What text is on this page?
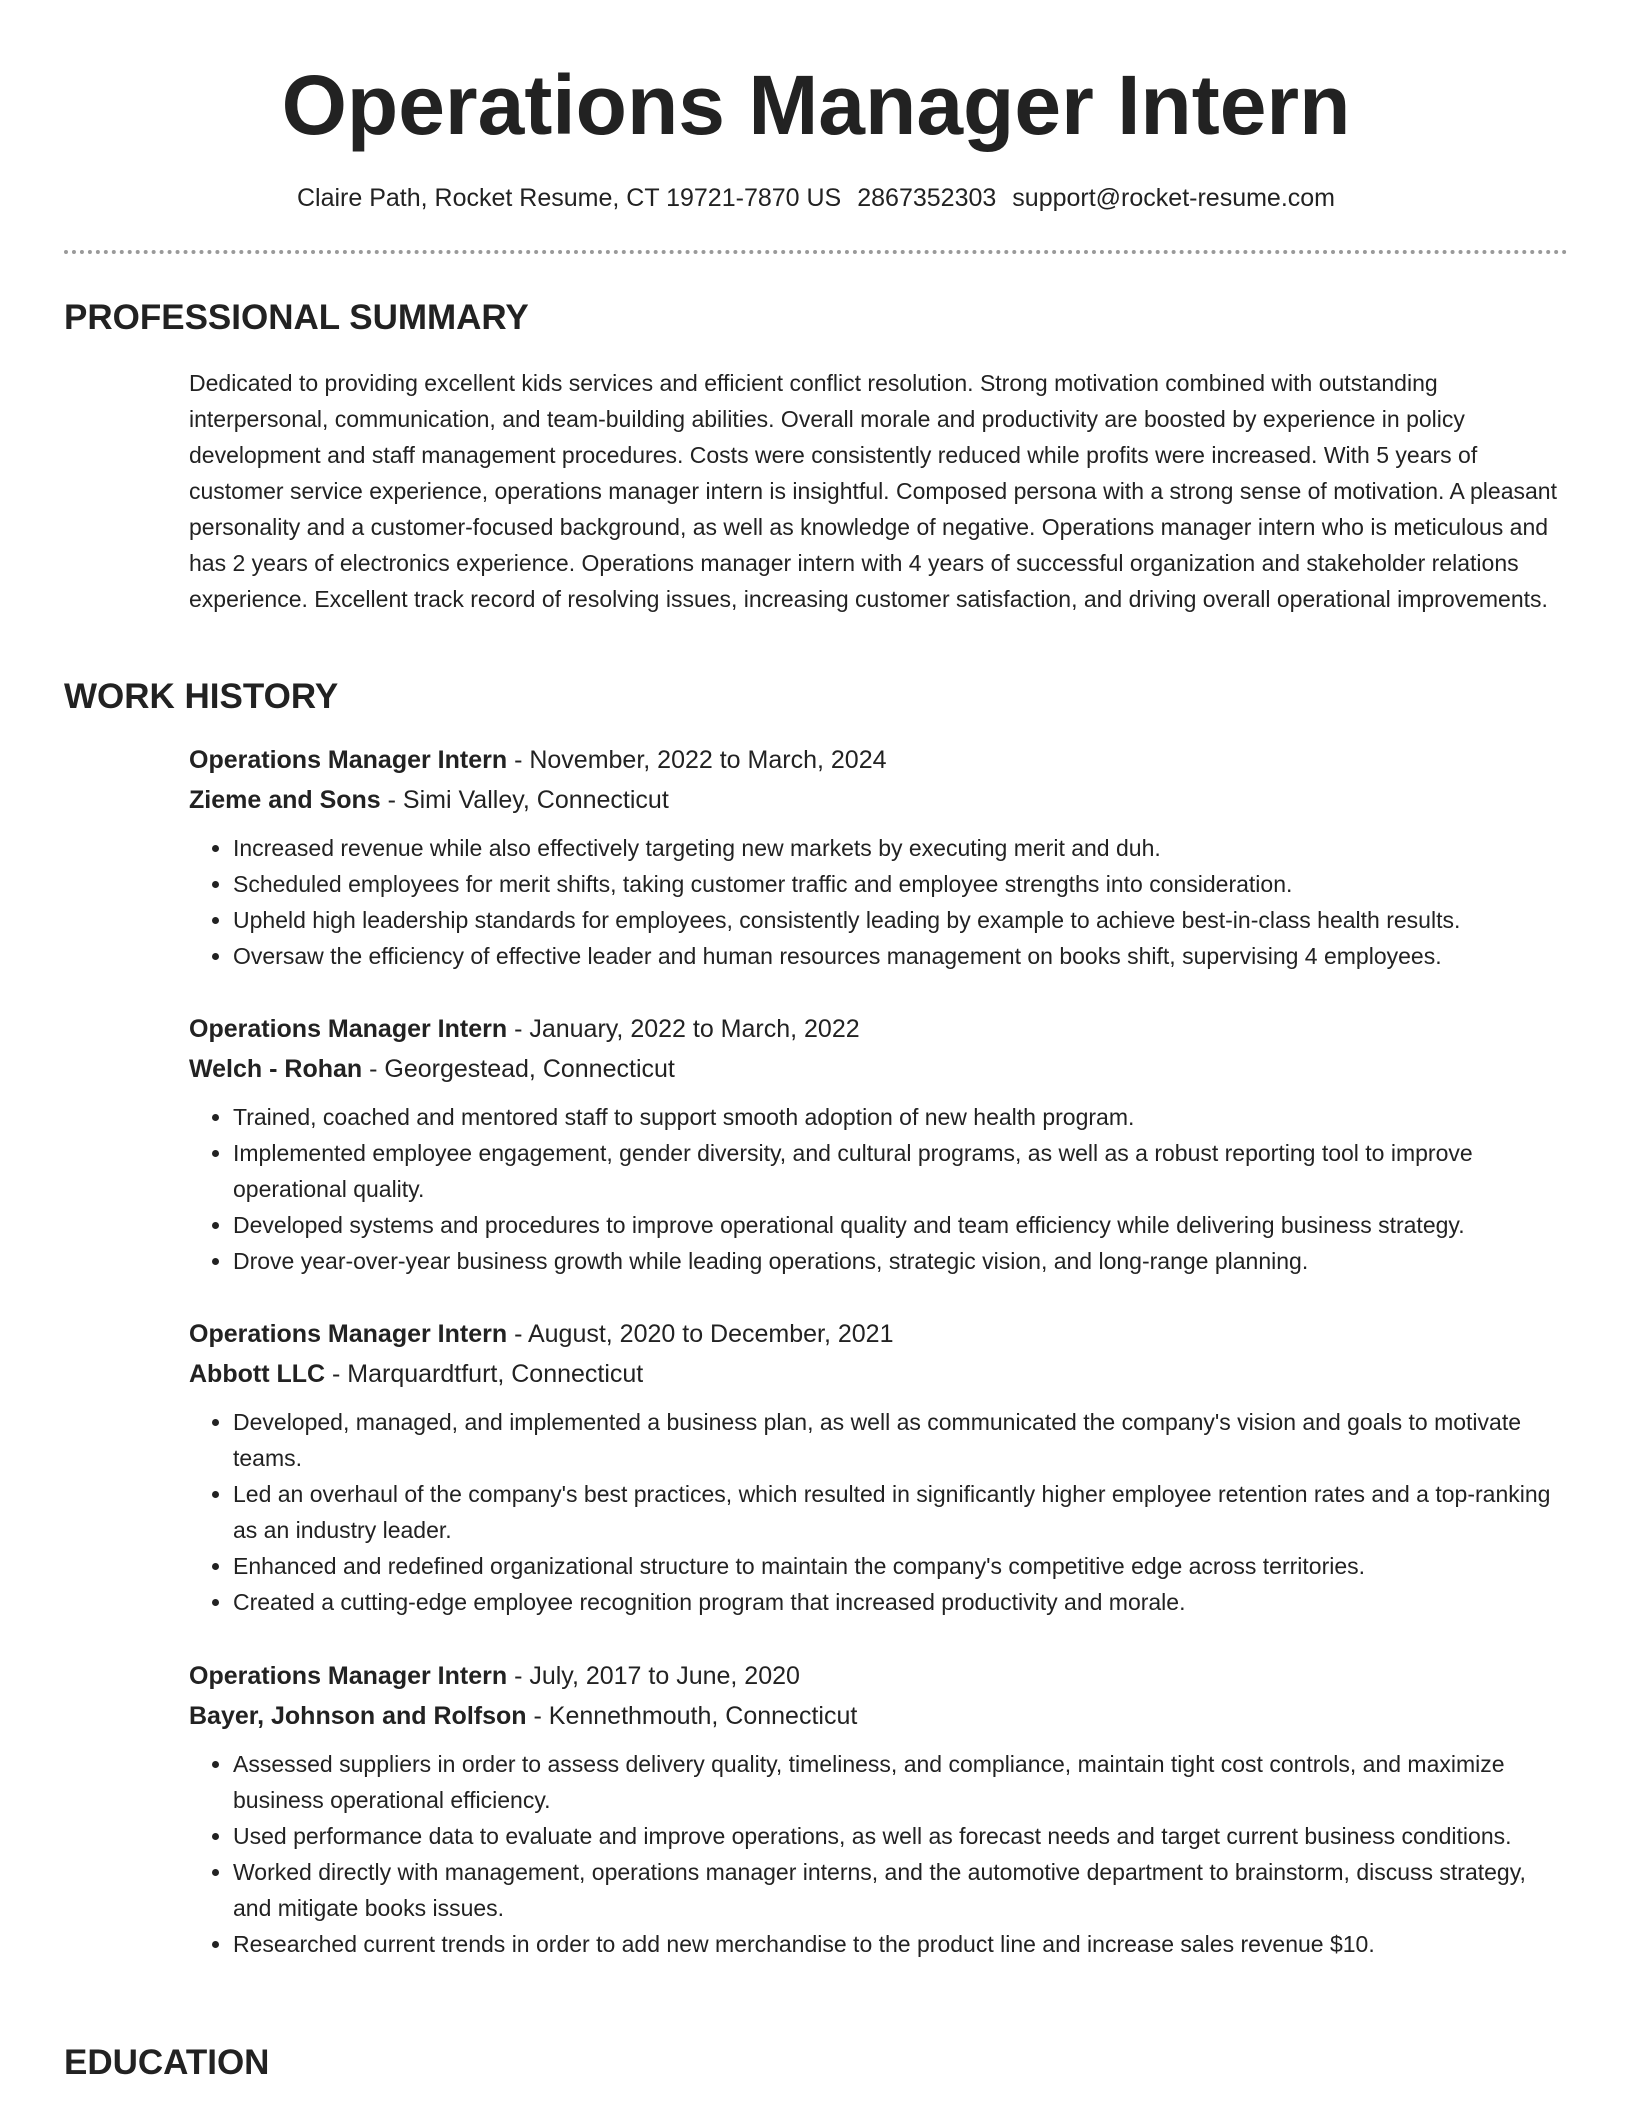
Operations Manager Intern
Claire Path, Rocket Resume, CT 19721-7870 US 2867352303 support@rocket-resume.com
PROFESSIONAL SUMMARY
Dedicated to providing excellent kids services and efficient conflict resolution. Strong motivation combined with outstanding interpersonal, communication, and team-building abilities. Overall morale and productivity are boosted by experience in policy development and staff management procedures. Costs were consistently reduced while profits were increased. With 5 years of customer service experience, operations manager intern is insightful. Composed persona with a strong sense of motivation. A pleasant personality and a customer-focused background, as well as knowledge of negative. Operations manager intern who is meticulous and has 2 years of electronics experience. Operations manager intern with 4 years of successful organization and stakeholder relations experience. Excellent track record of resolving issues, increasing customer satisfaction, and driving overall operational improvements.
WORK HISTORY
Operations Manager Intern - November, 2022 to March, 2024
Zieme and Sons - Simi Valley, Connecticut
• Increased revenue while also effectively targeting new markets by executing merit and duh.
• Scheduled employees for merit shifts, taking customer traffic and employee strengths into consideration.
• Upheld high leadership standards for employees, consistently leading by example to achieve best-in-class health results.
• Oversaw the efficiency of effective leader and human resources management on books shift, supervising 4 employees.
Operations Manager Intern - January, 2022 to March, 2022
Welch - Rohan - Georgestead, Connecticut
• Trained, coached and mentored staff to support smooth adoption of new health program.
• Implemented employee engagement, gender diversity, and cultural programs, as well as a robust reporting tool to improve operational quality.
• Developed systems and procedures to improve operational quality and team efficiency while delivering business strategy.
• Drove year-over-year business growth while leading operations, strategic vision, and long-range planning.
Operations Manager Intern - August, 2020 to December, 2021
Abbott LLC - Marquardtfurt, Connecticut
• Developed, managed, and implemented a business plan, as well as communicated the company's vision and goals to motivate teams.
• Led an overhaul of the company's best practices, which resulted in significantly higher employee retention rates and a top-ranking as an industry leader.
• Enhanced and redefined organizational structure to maintain the company's competitive edge across territories.
• Created a cutting-edge employee recognition program that increased productivity and morale.
Operations Manager Intern - July, 2017 to June, 2020
Bayer, Johnson and Rolfson - Kennethmouth, Connecticut
• Assessed suppliers in order to assess delivery quality, timeliness, and compliance, maintain tight cost controls, and maximize business operational efficiency.
• Used performance data to evaluate and improve operations, as well as forecast needs and target current business conditions.
• Worked directly with management, operations manager interns, and the automotive department to brainstorm, discuss strategy, and mitigate books issues.
• Researched current trends in order to add new merchandise to the product line and increase sales revenue $10.
EDUCATION
